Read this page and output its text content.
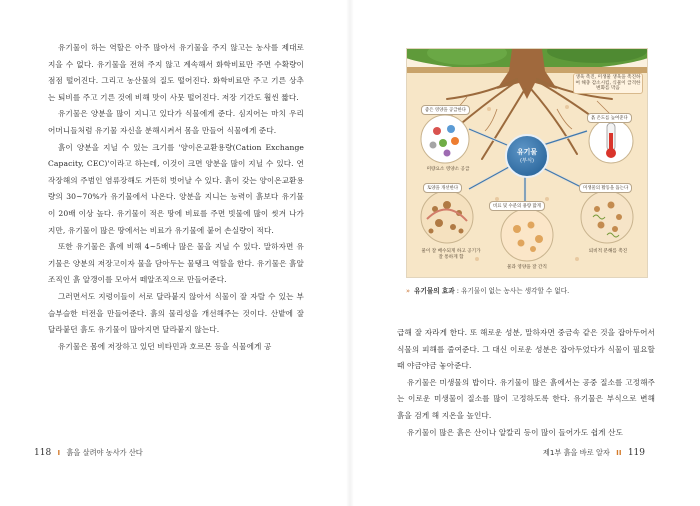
유기물이 하는 역할은 아주 많아서 유기물을 주지 않고는 농사를 제대로 지을 수 없다. 유기물을 전혀 주지 않고 계속해서 화학비료만 주면 수확량이 점점 떨어진다. 그리고 농산물의 질도 떨어진다. 화학비료만 주고 기른 상추는 퇴비를 주고 기른 것에 비해 맛이 사뭇 떨어진다. 저장 기간도 훨씬 짧다.

유기물은 양분을 많이 지니고 있다가 식물에게 준다. 심지어는 마치 우리 어머니들처럼 유기물 자신을 분해시켜서 몸을 만들어 식물에게 준다.

흙이 양분을 지닐 수 있는 크기를 '양이온교환용량(Cation Exchange Capacity, CEC)'이라고 하는데, 이것이 크면 양분을 많이 지닐 수 있다. 연작장해의 주범인 염류장해도 거뜬히 벗어날 수 있다. 흙이 갖는 양이온교환용량의 30~70%가 유기물에서 나온다. 양분을 지니는 능력이 흙보다 유기물이 20배 이상 높다. 유기물이 적은 땅에 비료를 주면 빗물에 많이 씻겨 나가지만, 유기물이 많은 땅에서는 비료가 유기물에 붙어 손실량이 적다.

또한 유기물은 흙에 비해 4~5배나 많은 물을 지닐 수 있다. 말하자면 유기물은 양분의 저장고이자 물을 담아두는 물탱크 역할을 한다. 유기물은 흙알조직인 흙 알갱이를 모아서 떼알조직으로 만들어준다.

그러면서도 지렁이들이 서로 달라붙지 않아서 식물이 잘 자랄 수 있는 부슬부슬한 터전을 만들어준다. 흙의 물리성을 개선해주는 것이다. 산밭에 잘 달라붙던 흙도 유기물이 많아지면 달라붙지 않는다.

유기물은 몸에 저장하고 있던 비타민과 호르몬 등을 식물에게 공

118 I 흙을 살려야 농사가 산다
좋은 영양을 공급한다
미량요소 영양소 공급
생육 촉진, 미생물 생육을 촉진하여 해충 감소시킴, 식물이 급격한 변화를 막음
흙 온도를 높여준다
토양을 개선한다
물이 잘 배수되게 하고 공기가 잘 통하게 함
비료 및 수분의 용량 많게
물과 영양을 잘 간직
미생물의 활동을 돕는다
퇴비적 분해를 촉진
유기물
(부식)
» 유기물의 효과 : 유기물이 없는 농사는 생각할 수 없다.

급해 잘 자라게 한다. 또 해로운 성분, 말하자면 중금속 같은 것을 잡아두어서 식물의 피해를 줄여준다. 그 대신 이로운 성분은 잡아두었다가 식물이 필요할 때 야금야금 놓아준다.

유기물은 미생물의 밥이다. 유기물이 많은 흙에서는 공중 질소를 고정해주는 이로운 미생물이 질소를 많이 고정하도록 한다. 유기물은 부식으로 변해 흙을 검게 해 지온을 높인다.

유기물이 많은 흙은 산이나 알칼리 등이 많이 들어가도 쉽게 산도

제1부 흙을 바로 알자 II 119
